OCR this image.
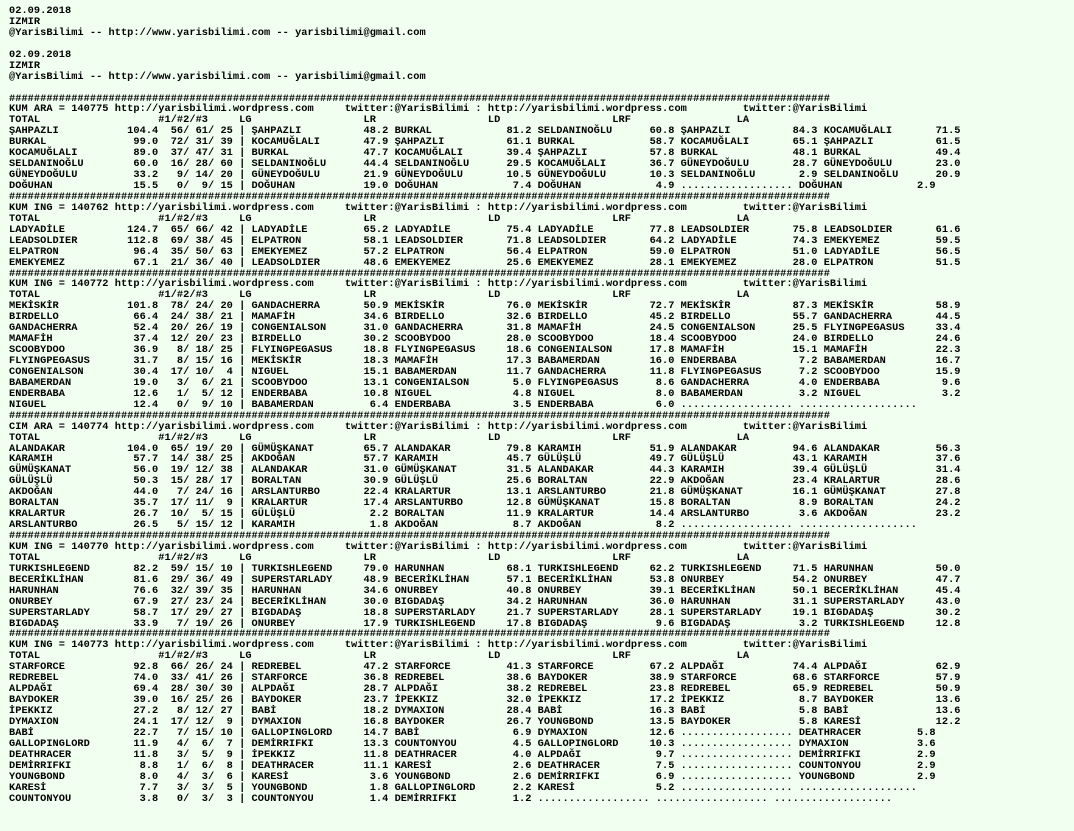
02.09.2018
IZMIR
@YarisBilimi -- http://www.yarisbilimi.com -- yarisbilimi@gmail.com

02.09.2018
IZMIR
@YarisBilimi -- http://www.yarisbilimi.com -- yarisbilimi@gmail.com

####################################################################################################################################
KUM ARA = 140775 http://yarisbilimi.wordpress.com     twitter:@YarisBilimi : http://yarisbilimi.wordpress.com         twitter:@YarisBilimi
TOTAL                   #1/#2/#3     LG                  LR                  LD                  LRF                 LA
ŞAHPAZLI           104.4  56/ 61/ 25 | ŞAHPAZLI          48.2 BURKAL            81.2 SELDANINOĞLU      60.8 ŞAHPAZLI          84.3 KOCAMUĞLALI       71.5
BURKAL              99.0  72/ 31/ 39 | KOCAMUĞLALI       47.9 ŞAHPAZLI          61.1 BURKAL            58.7 KOCAMUĞLALI       65.1 ŞAHPAZLI          61.5
KOCAMUĞLALI         89.0  37/ 47/ 31 | BURKAL            47.7 KOCAMUĞLALI       39.4 ŞAHPAZLI          57.8 BURKAL            48.1 BURKAL            49.4
SELDANINOĞLU        60.0  16/ 28/ 60 | SELDANINOĞLU      44.4 SELDANINOĞLU      29.5 KOCAMUĞLALI       36.7 GÜNEYDOĞULU       28.7 GÜNEYDOĞULU       23.0
GÜNEYDOĞULU         33.2   9/ 14/ 20 | GÜNEYDOĞULU       21.9 GÜNEYDOĞULU       10.5 GÜNEYDOĞULU       10.3 SELDANINOĞLU       2.9 SELDANINOĞLU      20.9
DOĞUHAN             15.5   0/  9/ 15 | DOĞUHAN           19.0 DOĞUHAN            7.4 DOĞUHAN            4.9 .................. DOĞUHAN            2.9
####################################################################################################################################
KUM ING = 140762 http://yarisbilimi.wordpress.com     twitter:@YarisBilimi : http://yarisbilimi.wordpress.com         twitter:@YarisBilimi
TOTAL                   #1/#2/#3     LG                  LR                  LD                  LRF                 LA
LADYADİLE          124.7  65/ 66/ 42 | LADYADİLE         65.2 LADYADİLE         75.4 LADYADİLE         77.8 LEADSOLDIER       75.8 LEADSOLDIER       61.6
LEADSOLDIER        112.8  69/ 38/ 45 | ELPATRON          58.1 LEADSOLDIER       71.8 LEADSOLDIER       64.2 LADYADİLE         74.3 EMEKYEMEZ         59.5
ELPATRON            96.4  35/ 50/ 63 | EMEKYEMEZ         57.2 ELPATRON          56.4 ELPATRON          59.0 ELPATRON          51.0 LADYADİLE         56.5
EMEKYEMEZ           67.1  21/ 36/ 40 | LEADSOLDIER       48.6 EMEKYEMEZ         25.6 EMEKYEMEZ         28.1 EMEKYEMEZ         28.0 ELPATRON          51.5
####################################################################################################################################
KUM ING = 140772 http://yarisbilimi.wordpress.com     twitter:@YarisBilimi : http://yarisbilimi.wordpress.com         twitter:@YarisBilimi
TOTAL                   #1/#2/#3     LG                  LR                  LD                  LRF                 LA
MEKİSKİR           101.8  78/ 24/ 20 | GANDACHERRA       50.9 MEKİSKİR          76.0 MEKİSKİR          72.7 MEKİSKİR          87.3 MEKİSKİR          58.9
BIRDELLO            66.4  24/ 38/ 21 | MAMAFİH           34.6 BIRDELLO          32.6 BIRDELLO          45.2 BIRDELLO          55.7 GANDACHERRA       44.5
GANDACHERRA         52.4  20/ 26/ 19 | CONGENIALSON      31.0 GANDACHERRA       31.8 MAMAFİH           24.5 CONGENIALSON      25.5 FLYINGPEGASUS     33.4
MAMAFİH             37.4  12/ 20/ 23 | BIRDELLO          30.2 SCOOBYDOO         28.0 SCOOBYDOO         18.4 SCOOBYDOO         24.0 BIRDELLO          24.6
SCOOBYDOO           36.9   8/ 18/ 25 | FLYINGPEGASUS     18.8 FLYINGPEGASUS     18.6 CONGENIALSON      17.8 MAMAFİH           15.1 MAMAFİH           22.3
FLYINGPEGASUS       31.7   8/ 15/ 16 | MEKİSKİR          18.3 MAMAFİH           17.3 BABAMERDAN        16.0 ENDERBABA          7.2 BABAMERDAN        16.7
CONGENIALSON        30.4  17/ 10/  4 | NIGUEL            15.1 BABAMERDAN        11.7 GANDACHERRA       11.8 FLYINGPEGASUS      7.2 SCOOBYDOO         15.9
BABAMERDAN          19.0   3/  6/ 21 | SCOOBYDOO         13.1 CONGENIALSON       5.0 FLYINGPEGASUS      8.6 GANDACHERRA        4.0 ENDERBABA          9.6
ENDERBABA           12.6   1/  5/ 12 | ENDERBABA         10.8 NIGUEL             4.8 NIGUEL             8.0 BABAMERDAN         3.2 NIGUEL             3.2
NIGUEL              12.4   0/  9/ 10 | BABAMERDAN         6.4 ENDERBABA          3.5 ENDERBABA          6.0 .................. ...................
####################################################################################################################################
CIM ARA = 140774 http://yarisbilimi.wordpress.com     twitter:@YarisBilimi : http://yarisbilimi.wordpress.com         twitter:@YarisBilimi
TOTAL                   #1/#2/#3     LG                  LR                  LD                  LRF                 LA
ALANDAKAR          104.0  65/ 19/ 20 | GÜMÜŞKANAT        65.7 ALANDAKAR         79.8 KARAMIH           51.9 ALANDAKAR         94.6 ALANDAKAR         56.3
KARAMIH             57.7  14/ 38/ 25 | AKDOĞAN           57.7 KARAMIH           45.7 GÜLÜŞLÜ           49.7 GÜLÜŞLÜ           43.1 KARAMIH           37.6
GÜMÜŞKANAT          56.0  19/ 12/ 38 | ALANDAKAR         31.0 GÜMÜŞKANAT        31.5 ALANDAKAR         44.3 KARAMIH           39.4 GÜLÜŞLÜ           31.4
GÜLÜŞLÜ             50.3  15/ 28/ 17 | BORALTAN          30.9 GÜLÜŞLÜ           25.6 BORALTAN          22.9 AKDOĞAN           23.4 KRALARTUR         28.6
AKDOĞAN             44.0   7/ 24/ 16 | ARSLANTURBO       22.4 KRALARTUR         13.1 ARSLANTURBO       21.8 GÜMÜŞKANAT        16.1 GÜMÜŞKANAT        27.8
BORALTAN            35.7  17/ 11/  9 | KRALARTUR         17.4 ARSLANTURBO       12.8 GÜMÜŞKANAT        15.8 BORALTAN           8.9 BORALTAN          24.2
KRALARTUR           26.7  10/  5/ 15 | GÜLÜŞLÜ            2.2 BORALTAN          11.9 KRALARTUR         14.4 ARSLANTURBO        3.6 AKDOĞAN           23.2
ARSLANTURBO         26.5   5/ 15/ 12 | KARAMIH            1.8 AKDOĞAN            8.7 AKDOĞAN            8.2 .................. ...................
####################################################################################################################################
KUM ING = 140770 http://yarisbilimi.wordpress.com     twitter:@YarisBilimi : http://yarisbilimi.wordpress.com         twitter:@YarisBilimi
TOTAL                   #1/#2/#3     LG                  LR                  LD                  LRF                 LA
TURKISHLEGEND       82.2  59/ 15/ 10 | TURKISHLEGEND     79.0 HARUNHAN          68.1 TURKISHLEGEND     62.2 TURKISHLEGEND     71.5 HARUNHAN          50.0
BECERİKLİHAN        81.6  29/ 36/ 49 | SUPERSTARLADY     48.9 BECERİKLİHAN      57.1 BECERİKLİHAN      53.8 ONURBEY           54.2 ONURBEY           47.7
HARUNHAN            76.6  32/ 39/ 35 | HARUNHAN          34.6 ONURBEY           40.8 ONURBEY           39.1 BECERİKLİHAN      50.1 BECERİKLİHAN      45.4
ONURBEY             67.9  27/ 23/ 24 | BECERİKLİHAN      30.0 BIGDADAŞ          34.2 HARUNHAN          36.0 HARUNHAN          31.1 SUPERSTARLADY     43.0
SUPERSTARLADY       58.7  17/ 29/ 27 | BIGDADAŞ          18.8 SUPERSTARLADY     21.7 SUPERSTARLADY     28.1 SUPERSTARLADY     19.1 BIGDADAŞ          30.2
BIGDADAŞ            33.9   7/ 19/ 26 | ONURBEY           17.9 TURKISHLEGEND     17.8 BIGDADAŞ           9.6 BIGDADAŞ           3.2 TURKISHLEGEND     12.8
####################################################################################################################################
KUM ING = 140773 http://yarisbilimi.wordpress.com     twitter:@YarisBilimi : http://yarisbilimi.wordpress.com         twitter:@YarisBilimi
TOTAL                   #1/#2/#3     LG                  LR                  LD                  LRF                 LA
STARFORCE           92.8  66/ 26/ 24 | REDREBEL          47.2 STARFORCE         41.3 STARFORCE         67.2 ALPDAĞI           74.4 ALPDAĞI           62.9
REDREBEL            74.0  33/ 41/ 26 | STARFORCE         36.8 REDREBEL          38.6 BAYDOKER          38.9 STARFORCE         68.6 STARFORCE         57.9
ALPDAĞI             69.4  28/ 30/ 30 | ALPDAĞI           28.7 ALPDAĞI           38.2 REDREBEL          23.8 REDREBEL          65.9 REDREBEL          50.9
BAYDOKER            39.0  16/ 25/ 26 | BAYDOKER          23.7 İPEKKIZ           32.0 İPEKKIZ           17.2 İPEKKIZ            8.7 BAYDOKER          13.6
İPEKKIZ             27.2   8/ 12/ 27 | BABİ              18.2 DYMAXION          28.4 BABİ              16.3 BABİ               5.8 BABİ              13.6
DYMAXION            24.1  17/ 12/  9 | DYMAXION          16.8 BAYDOKER          26.7 YOUNGBOND         13.5 BAYDOKER           5.8 KARESİ            12.2
BABİ                22.7   7/ 15/ 10 | GALLOPINGLORD     14.7 BABİ               6.9 DYMAXION          12.6 .................. DEATHRACER         5.8
GALLOPINGLORD       11.9   4/  6/  7 | DEMİRRIFKI        13.3 COUNTONYOU         4.5 GALLOPINGLORD     10.3 .................. DYMAXION           3.6
DEATHRACER          11.8   3/  5/  9 | İPEKKIZ           11.8 DEATHRACER         4.0 ALPDAĞI            9.7 .................. DEMİRRIFKI         2.9
DEMİRRIFKI           8.8   1/  6/  8 | DEATHRACER        11.1 KARESİ             2.6 DEATHRACER         7.5 .................. COUNTONYOU         2.9
YOUNGBOND            8.0   4/  3/  6 | KARESİ             3.6 YOUNGBOND          2.6 DEMİRRIFKI         6.9 .................. YOUNGBOND          2.9
KARESİ               7.7   3/  3/  5 | YOUNGBOND          1.8 GALLOPINGLORD      2.2 KARESİ             5.2 .................. ...................
COUNTONYOU           3.8   0/  3/  3 | COUNTONYOU         1.4 DEMİRRIFKI         1.2 .................. .................. ...................
